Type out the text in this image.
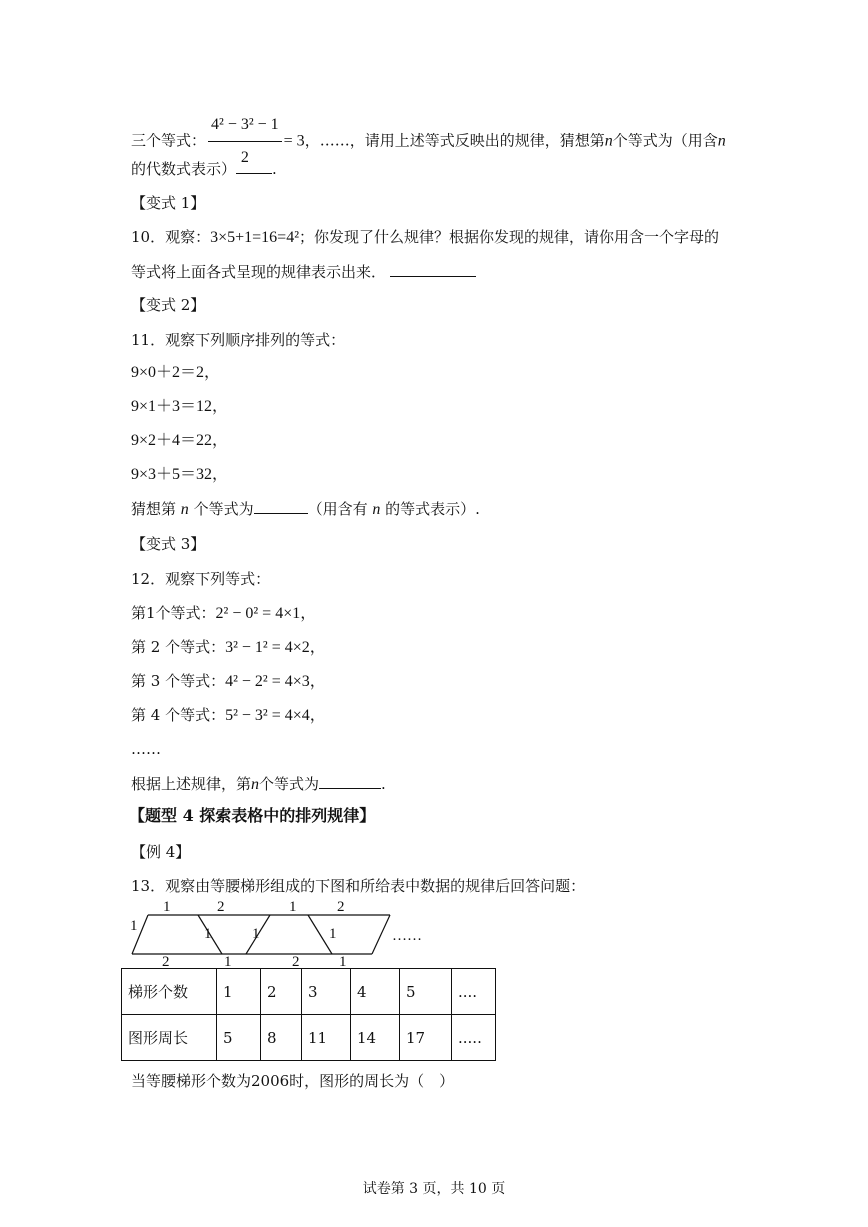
三个等式： $\frac{\text{4² − 3² − 1}}{2} = 3$，……，请用上述等式反映出的规律，猜想第n个等式为（用含n
的代数式表示） .
【变式 1】
10．观察：3×5+1=16=4²；你发现了什么规律？根据你发现的规律，请你用含一个字母的
等式将上面各式呈现的规律表示出来．
【变式 2】
11．观察下列顺序排列的等式：
9×0＋2＝2，
9×1＋3＝12，
9×2＋4＝22，
9×3＋5＝32，
猜想第 n 个等式为	（用含有 n 的等式表示）.
【变式 3】
12．观察下列等式：
第1个等式：2² − 0² = 4×1，
第 2 个等式：3² − 1² = 4×2，
第 3 个等式：4² − 2² = 4×3，
第 4 个等式：5² − 3² = 4×4，
……
根据上述规律，第n个等式为	.
【题型 4 探索表格中的排列规律】
【例 4】
13．观察由等腰梯形组成的下图和所给表中数据的规律后回答问题：
1	2	1	2
1	1	1	1	……
2	1	2	1
梯形个数	1	2	3	4	5	....
图形周长	5	8	11	14	17	.....
当等腰梯形个数为2006时，图形的周长为（　）
试卷第 3 页，共 10 页
